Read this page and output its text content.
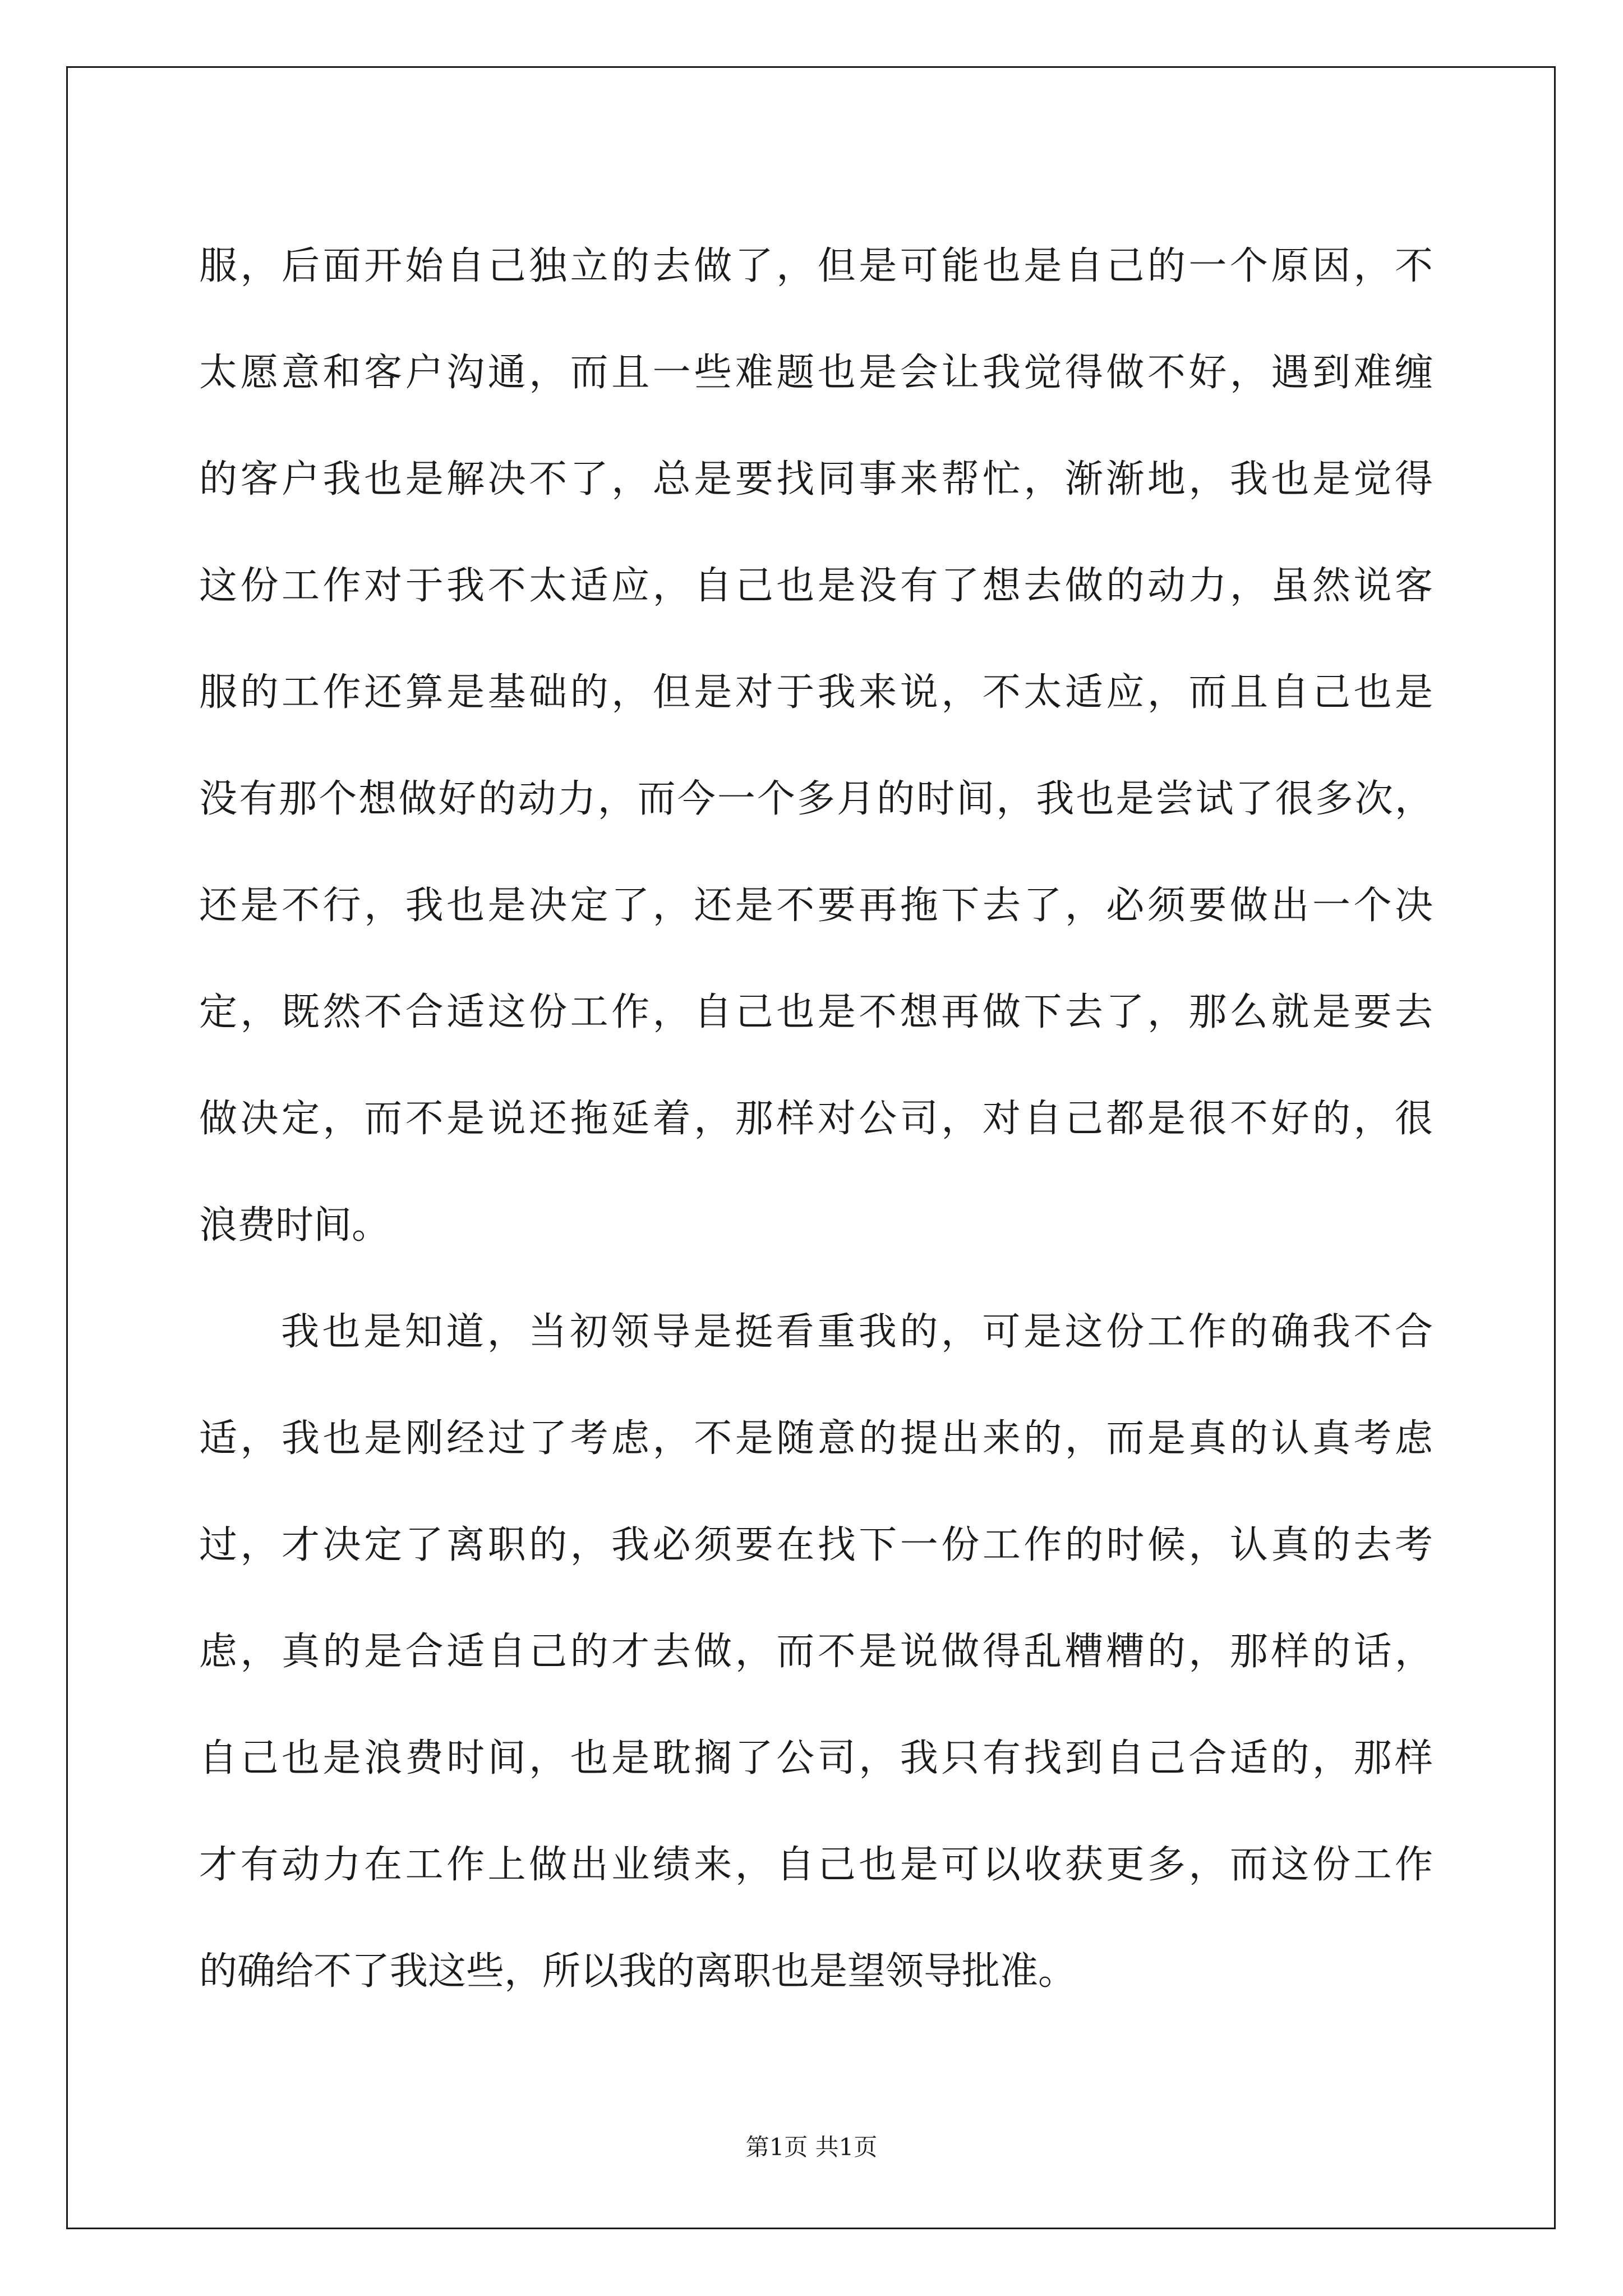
服，后面开始自己独立的去做了，但是可能也是自己的一个原因，不
太愿意和客户沟通，而且一些难题也是会让我觉得做不好，遇到难缠
的客户我也是解决不了，总是要找同事来帮忙，渐渐地，我也是觉得
这份工作对于我不太适应，自己也是没有了想去做的动力，虽然说客
服的工作还算是基础的，但是对于我来说，不太适应，而且自己也是
没有那个想做好的动力，而今一个多月的时间，我也是尝试了很多次，
还是不行，我也是决定了，还是不要再拖下去了，必须要做出一个决
定，既然不合适这份工作，自己也是不想再做下去了，那么就是要去
做决定，而不是说还拖延着，那样对公司，对自己都是很不好的，很
浪费时间。
我也是知道，当初领导是挺看重我的，可是这份工作的确我不合
适，我也是刚经过了考虑，不是随意的提出来的，而是真的认真考虑
过，才决定了离职的，我必须要在找下一份工作的时候，认真的去考
虑，真的是合适自己的才去做，而不是说做得乱糟糟的，那样的话，
自己也是浪费时间，也是耽搁了公司，我只有找到自己合适的，那样
才有动力在工作上做出业绩来，自己也是可以收获更多，而这份工作
的确给不了我这些，所以我的离职也是望领导批准。
第1页 共1页
